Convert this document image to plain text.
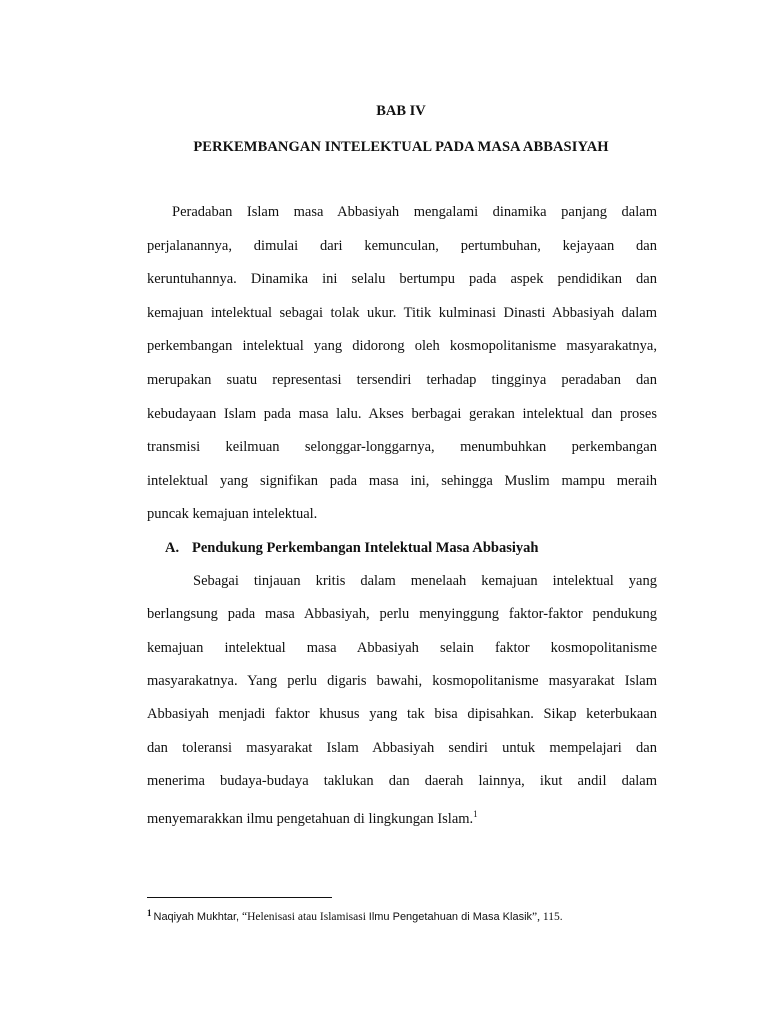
BAB IV
PERKEMBANGAN INTELEKTUAL PADA MASA ABBASIYAH
Peradaban Islam masa Abbasiyah mengalami dinamika panjang dalam
perjalanannya, dimulai dari kemunculan, pertumbuhan, kejayaan dan
keruntuhannya. Dinamika ini selalu bertumpu pada aspek pendidikan dan
kemajuan intelektual sebagai tolak ukur. Titik kulminasi Dinasti Abbasiyah dalam
perkembangan intelektual yang didorong oleh kosmopolitanisme masyarakatnya,
merupakan suatu representasi tersendiri terhadap tingginya peradaban dan
kebudayaan Islam pada masa lalu. Akses berbagai gerakan intelektual dan proses
transmisi keilmuan selonggar-longgarnya, menumbuhkan perkembangan
intelektual yang signifikan pada masa ini, sehingga Muslim mampu meraih
puncak kemajuan intelektual.
A. Pendukung Perkembangan Intelektual Masa Abbasiyah
Sebagai tinjauan kritis dalam menelaah kemajuan intelektual yang
berlangsung pada masa Abbasiyah, perlu menyinggung faktor-faktor pendukung
kemajuan intelektual masa Abbasiyah selain faktor kosmopolitanisme
masyarakatnya. Yang perlu digaris bawahi, kosmopolitanisme masyarakat Islam
Abbasiyah menjadi faktor khusus yang tak bisa dipisahkan. Sikap keterbukaan
dan toleransi masyarakat Islam Abbasiyah sendiri untuk mempelajari dan
menerima budaya-budaya taklukan dan daerah lainnya, ikut andil dalam
menyemarakkan ilmu pengetahuan di lingkungan Islam.$^1$
$^1$ Naqiyah Mukhtar, “Helenisasi atau Islamisasi Ilmu Pengetahuan di Masa Klasik”, 115.
